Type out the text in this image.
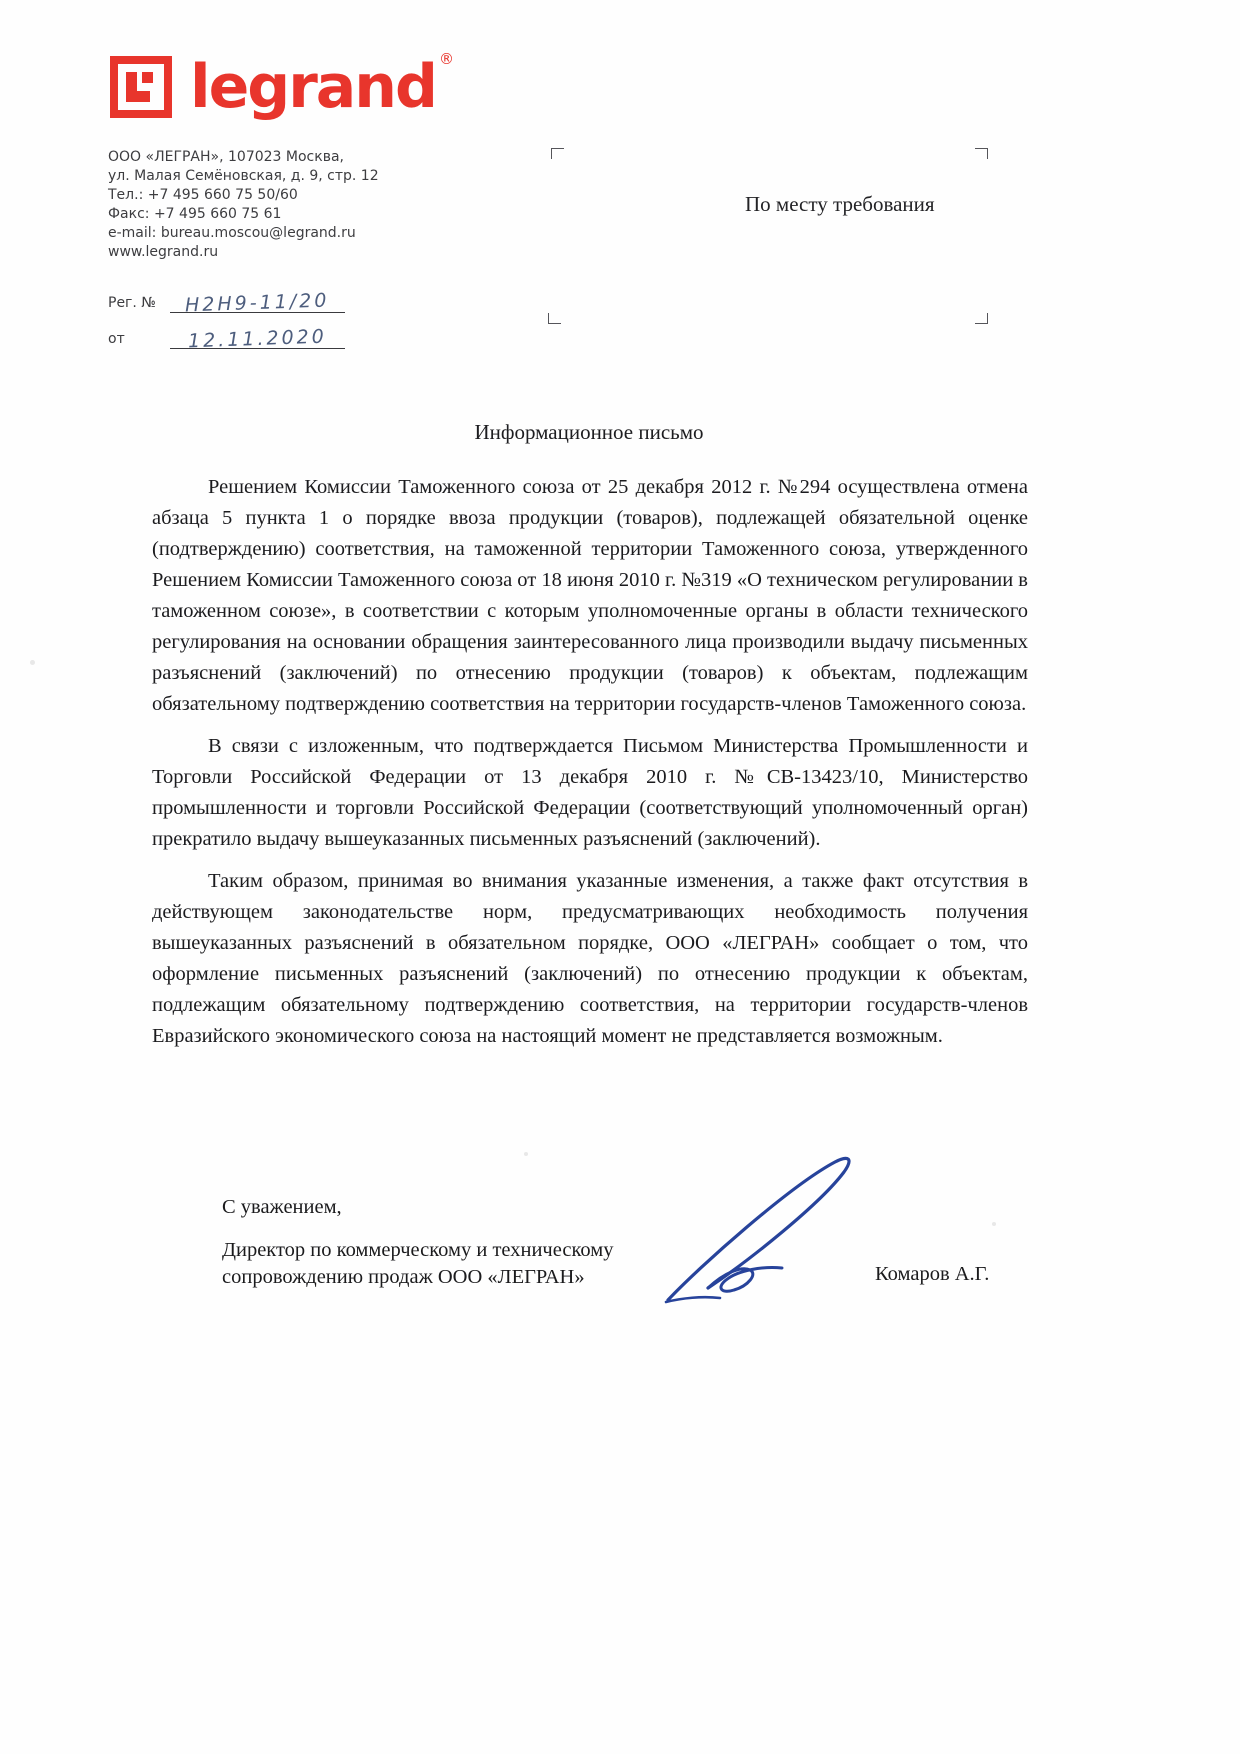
legrand ®
ООО «ЛЕГРАН», 107023 Москва,
ул. Малая Семёновская, д. 9, стр. 12
Тел.: +7 495 660 75 50/60
Факс: +7 495 660 75 61
e-mail: bureau.moscou@legrand.ru
www.legrand.ru
По месту требования
Рег. №	Н2Н9-11/20
от	12.11.2020
Информационное письмо

Решением Комиссии Таможенного союза от 25 декабря 2012 г. №294 осуществлена отмена абзаца 5 пункта 1 о порядке ввоза продукции (товаров), подлежащей обязательной оценке (подтверждению) соответствия, на таможенной территории Таможенного союза, утвержденного Решением Комиссии Таможенного союза от 18 июня 2010 г. №319 «О техническом регулировании в таможенном союзе», в соответствии с которым уполномоченные органы в области технического регулирования на основании обращения заинтересованного лица производили выдачу письменных разъяснений (заключений) по отнесению продукции (товаров) к объектам, подлежащим обязательному подтверждению соответствия на территории государств-членов Таможенного союза.

В связи с изложенным, что подтверждается Письмом Министерства Промышленности и Торговли Российской Федерации от 13 декабря 2010 г. №СВ-13423/10, Министерство промышленности и торговли Российской Федерации (соответствующий уполномоченный орган) прекратило выдачу вышеуказанных письменных разъяснений (заключений).

Таким образом, принимая во внимания указанные изменения, а также факт отсутствия в действующем законодательстве норм, предусматривающих необходимость получения вышеуказанных разъяснений в обязательном порядке, ООО «ЛЕГРАН» сообщает о том, что оформление письменных разъяснений (заключений) по отнесению продукции к объектам, подлежащим обязательному подтверждению соответствия, на территории государств-членов Евразийского экономического союза на настоящий момент не представляется возможным.

С уважением,
Директор по коммерческому и техническому
сопровождению продаж ООО «ЛЕГРАН»	Комаров А.Г.
